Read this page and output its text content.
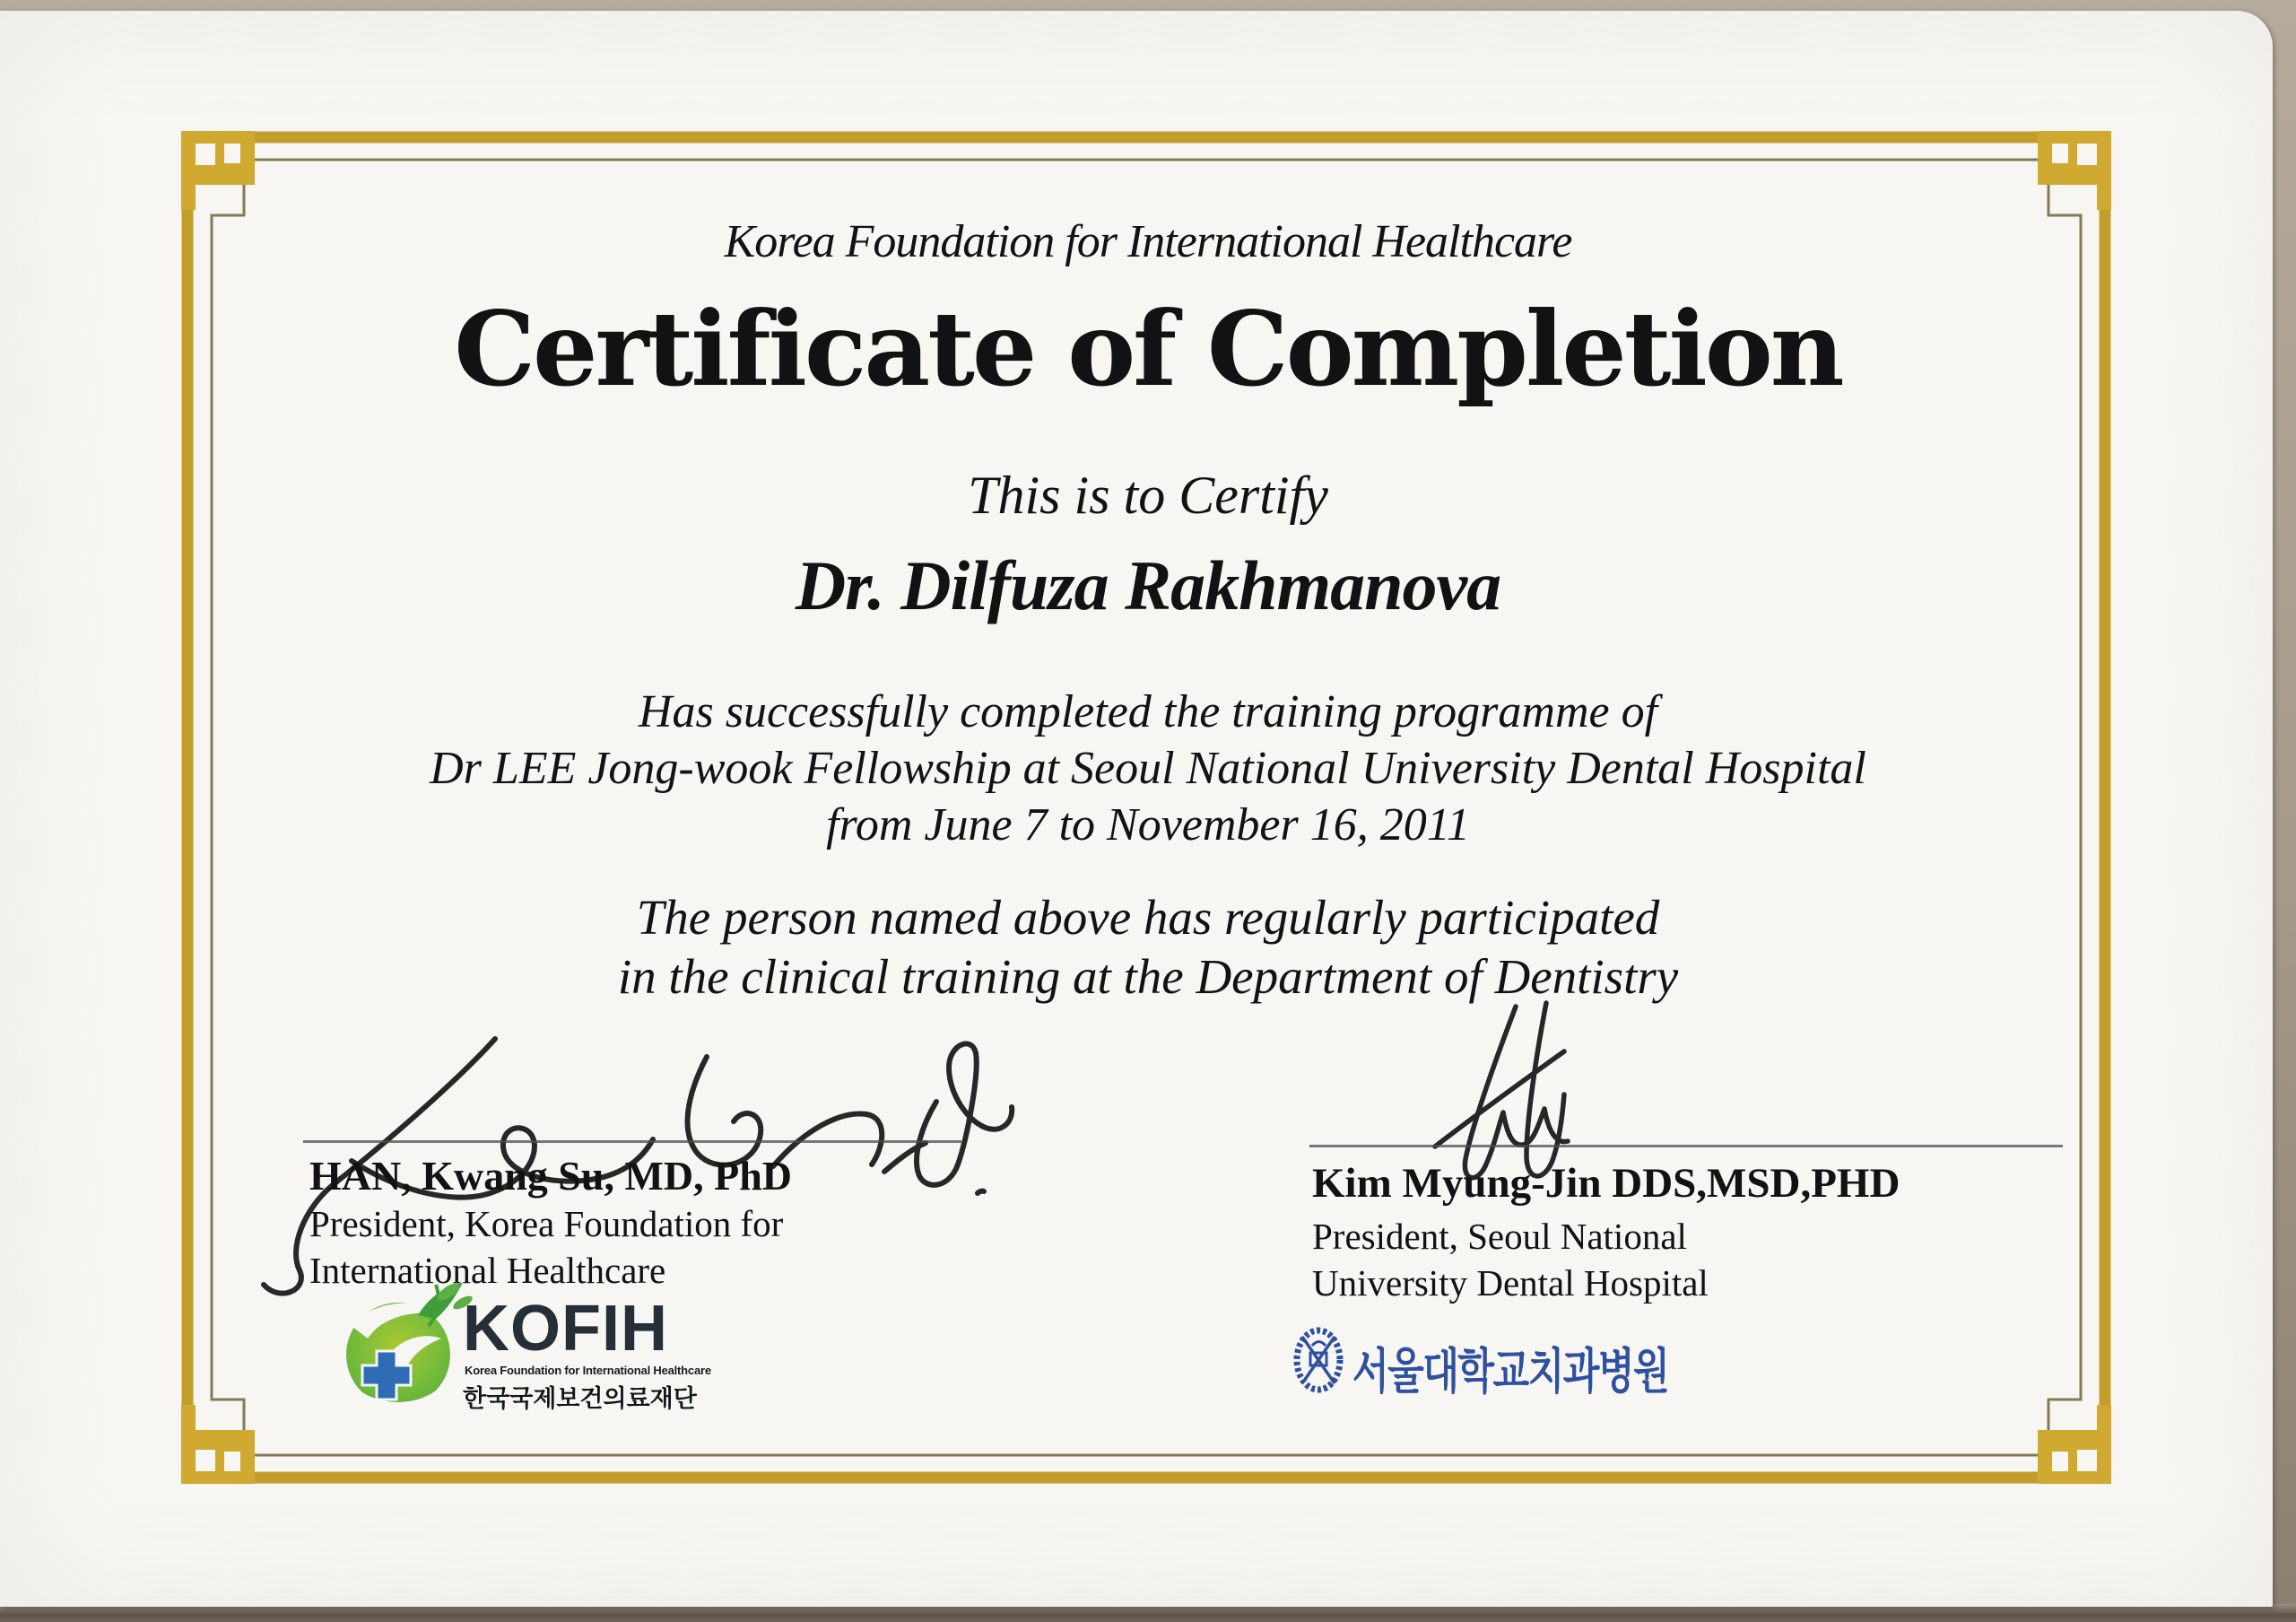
Korea Foundation for International Healthcare
Certificate of Completion
This is to Certify
Dr. Dilfuza Rakhmanova
Has successfully completed the training programme of
Dr LEE Jong-wook Fellowship at Seoul National University Dental Hospital
from June 7 to November 16, 2011
The person named above has regularly participated
in the clinical training at the Department of Dentistry
HAN, Kwang Su, MD, PhD
President, Korea Foundation for
International Healthcare
Kim Myung-Jin DDS,MSD,PHD
President, Seoul National
University Dental Hospital
KOFIH
Korea Foundation for International Healthcare
한국국제보건의료재단	서울대학교치과병원
